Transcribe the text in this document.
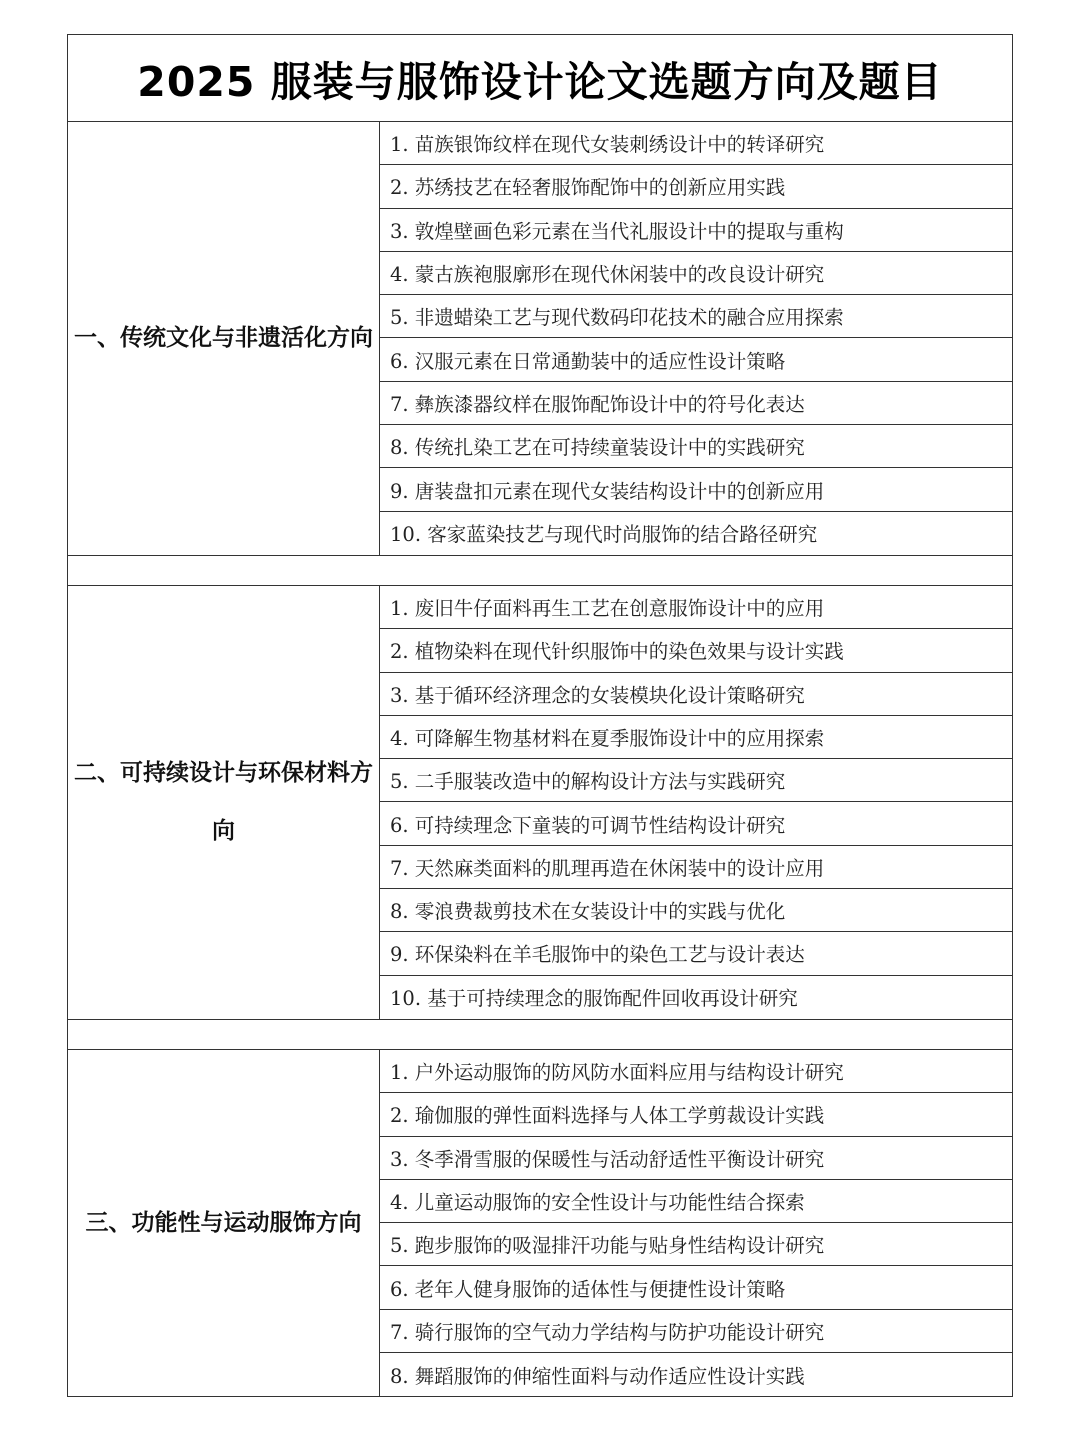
2025 服装与服饰设计论文选题方向及题目
一、传统文化与非遗活化方向
1. 苗族银饰纹样在现代女装刺绣设计中的转译研究
2. 苏绣技艺在轻奢服饰配饰中的创新应用实践
3. 敦煌壁画色彩元素在当代礼服设计中的提取与重构
4. 蒙古族袍服廓形在现代休闲装中的改良设计研究
5. 非遗蜡染工艺与现代数码印花技术的融合应用探索
6. 汉服元素在日常通勤装中的适应性设计策略
7. 彝族漆器纹样在服饰配饰设计中的符号化表达
8. 传统扎染工艺在可持续童装设计中的实践研究
9. 唐装盘扣元素在现代女装结构设计中的创新应用
10. 客家蓝染技艺与现代时尚服饰的结合路径研究
二、可持续设计与环保材料方向
1. 废旧牛仔面料再生工艺在创意服饰设计中的应用
2. 植物染料在现代针织服饰中的染色效果与设计实践
3. 基于循环经济理念的女装模块化设计策略研究
4. 可降解生物基材料在夏季服饰设计中的应用探索
5. 二手服装改造中的解构设计方法与实践研究
6. 可持续理念下童装的可调节性结构设计研究
7. 天然麻类面料的肌理再造在休闲装中的设计应用
8. 零浪费裁剪技术在女装设计中的实践与优化
9. 环保染料在羊毛服饰中的染色工艺与设计表达
10. 基于可持续理念的服饰配件回收再设计研究
三、功能性与运动服饰方向
1. 户外运动服饰的防风防水面料应用与结构设计研究
2. 瑜伽服的弹性面料选择与人体工学剪裁设计实践
3. 冬季滑雪服的保暖性与活动舒适性平衡设计研究
4. 儿童运动服饰的安全性设计与功能性结合探索
5. 跑步服饰的吸湿排汗功能与贴身性结构设计研究
6. 老年人健身服饰的适体性与便捷性设计策略
7. 骑行服饰的空气动力学结构与防护功能设计研究
8. 舞蹈服饰的伸缩性面料与动作适应性设计实践
